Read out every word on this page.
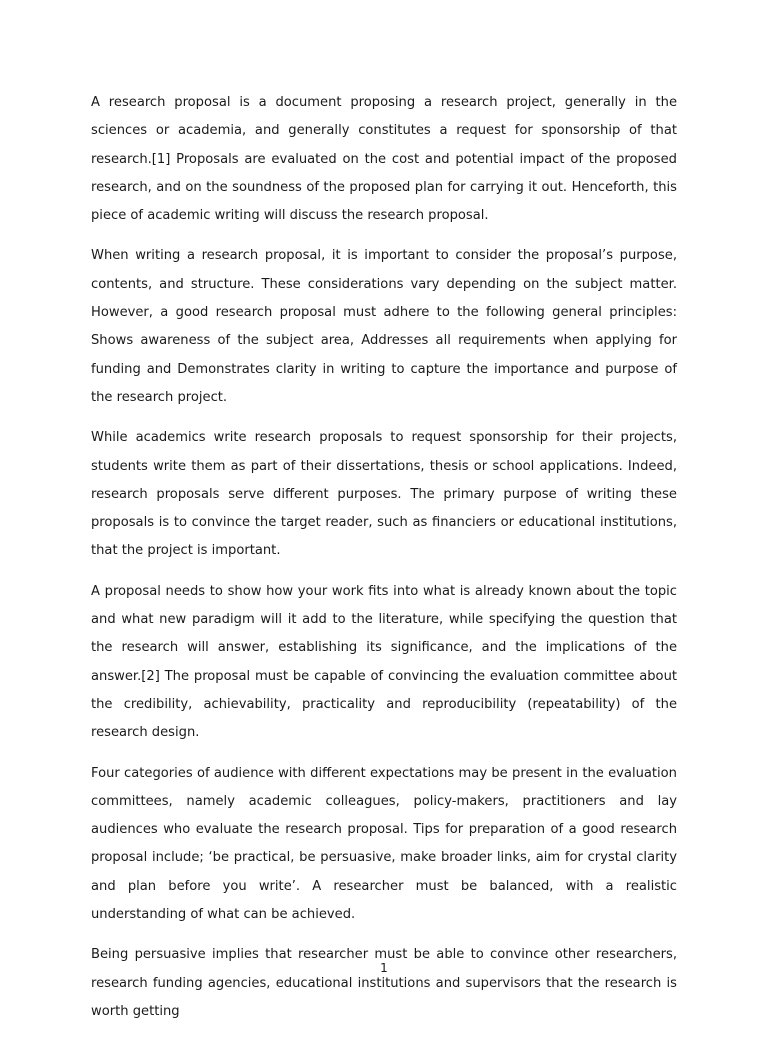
A research proposal is a document proposing a research project, generally in the sciences or academia, and generally constitutes a request for sponsorship of that research.[1] Proposals are evaluated on the cost and potential impact of the proposed research, and on the soundness of the proposed plan for carrying it out. Henceforth, this piece of academic writing will discuss the research proposal.

When writing a research proposal, it is important to consider the proposal’s purpose, contents, and structure. These considerations vary depending on the subject matter. However, a good research proposal must adhere to the following general principles: Shows awareness of the subject area, Addresses all requirements when applying for funding and Demonstrates clarity in writing to capture the importance and purpose of the research project.

While academics write research proposals to request sponsorship for their projects, students write them as part of their dissertations, thesis or school applications. Indeed, research proposals serve different purposes. The primary purpose of writing these proposals is to convince the target reader, such as financiers or educational institutions, that the project is important.

A proposal needs to show how your work fits into what is already known about the topic and what new paradigm will it add to the literature, while specifying the question that the research will answer, establishing its significance, and the implications of the answer.[2] The proposal must be capable of convincing the evaluation committee about the credibility, achievability, practicality and reproducibility (repeatability) of the research design.

Four categories of audience with different expectations may be present in the evaluation committees, namely academic colleagues, policy-makers, practitioners and lay audiences who evaluate the research proposal. Tips for preparation of a good research proposal include; ‘be practical, be persuasive, make broader links, aim for crystal clarity and plan before you write’. A researcher must be balanced, with a realistic understanding of what can be achieved.

Being persuasive implies that researcher must be able to convince other researchers, research funding agencies, educational institutions and supervisors that the research is worth getting

1
